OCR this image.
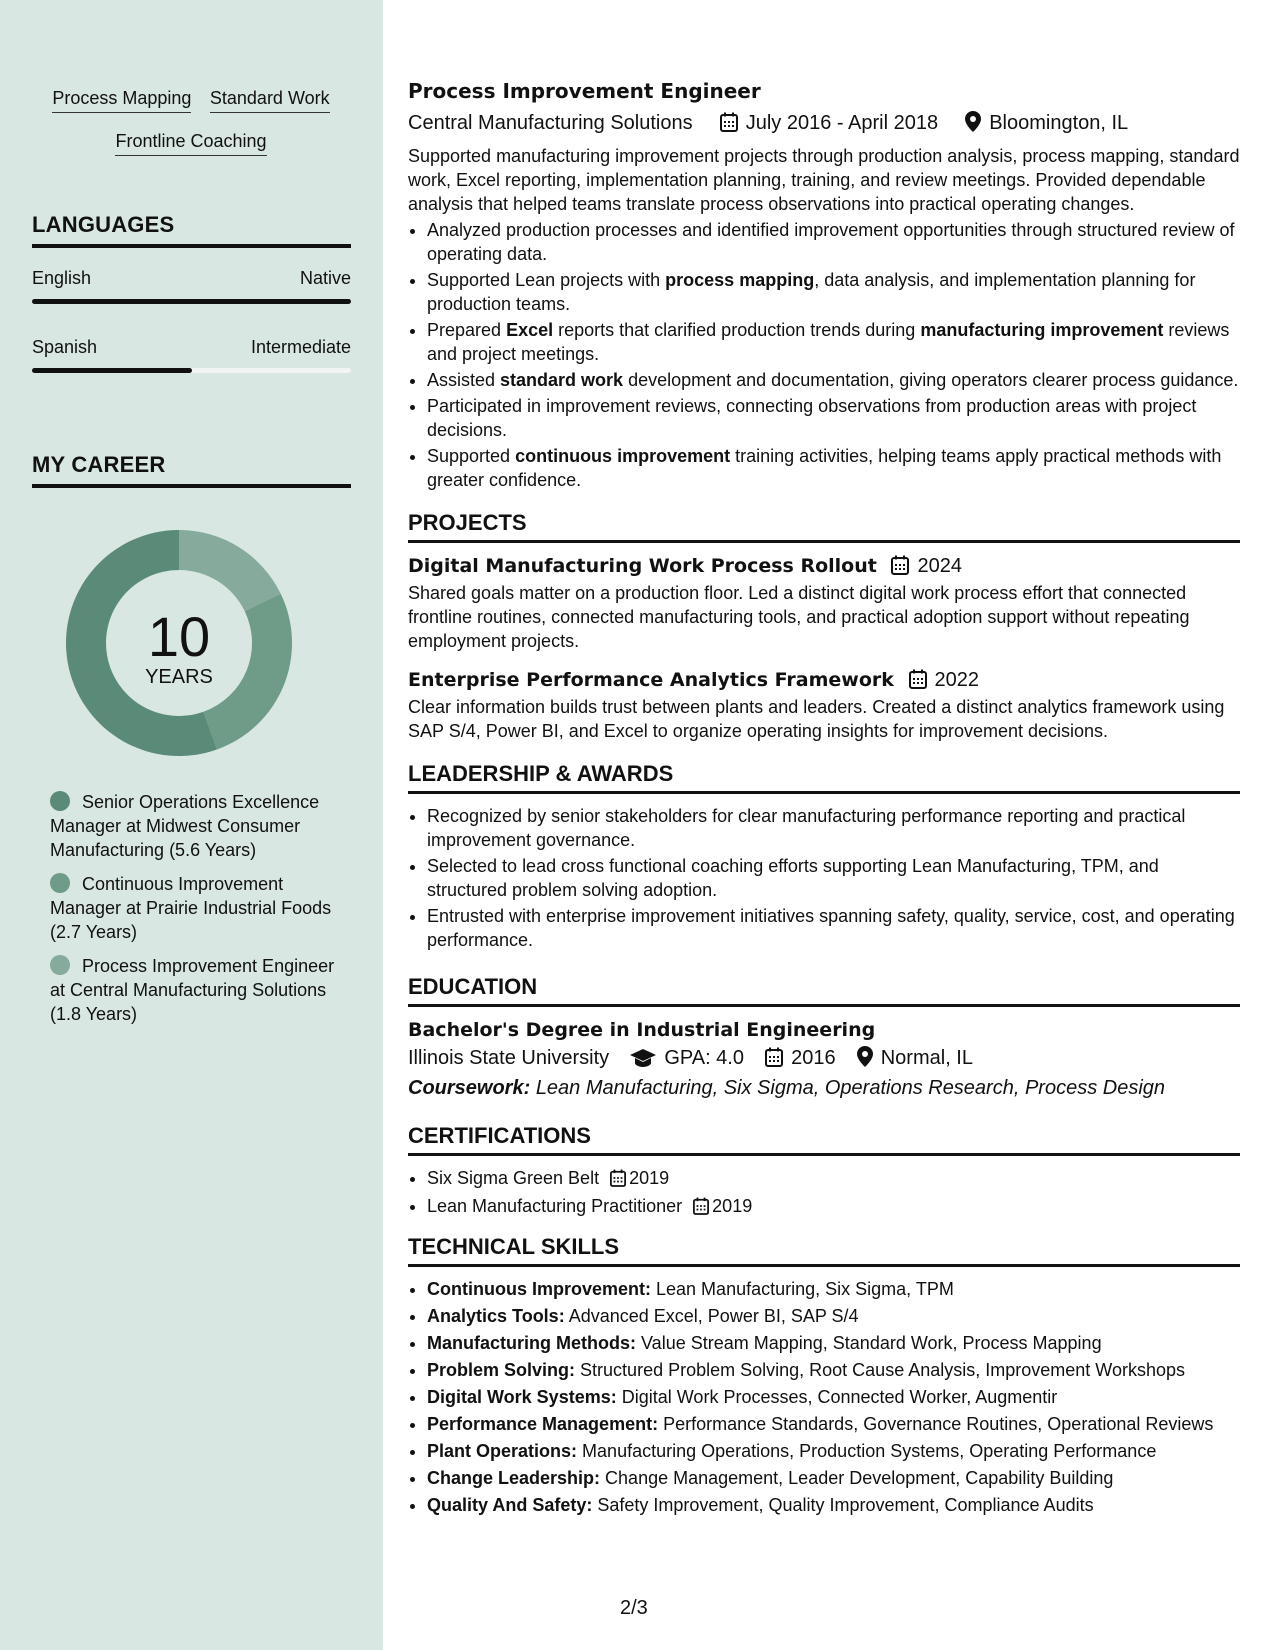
Process Mapping Standard Work
Frontline Coaching
LANGUAGES
English	Native
Spanish	Intermediate
MY CAREER
10
YEARS
Senior Operations Excellence Manager at Midwest Consumer Manufacturing (5.6 Years)
Continuous Improvement Manager at Prairie Industrial Foods (2.7 Years)
Process Improvement Engineer at Central Manufacturing Solutions (1.8 Years)
Process Improvement Engineer
Central Manufacturing Solutions	July 2016 - April 2018	Bloomington, IL

Supported manufacturing improvement projects through production analysis, process mapping, standard work, Excel reporting, implementation planning, training, and review meetings. Provided dependable analysis that helped teams translate process observations into practical operating changes.

• Analyzed production processes and identified improvement opportunities through structured review of operating data.
• Supported Lean projects with process mapping, data analysis, and implementation planning for production teams.
• Prepared Excel reports that clarified production trends during manufacturing improvement reviews and project meetings.
• Assisted standard work development and documentation, giving operators clearer process guidance.
• Participated in improvement reviews, connecting observations from production areas with project decisions.
• Supported continuous improvement training activities, helping teams apply practical methods with greater confidence.
PROJECTS
Digital Manufacturing Work Process Rollout 2024

Shared goals matter on a production floor. Led a distinct digital work process effort that connected frontline routines, connected manufacturing tools, and practical adoption support without repeating employment projects.

Enterprise Performance Analytics Framework 2022

Clear information builds trust between plants and leaders. Created a distinct analytics framework using SAP S/4, Power BI, and Excel to organize operating insights for improvement decisions.

LEADERSHIP & AWARDS
• Recognized by senior stakeholders for clear manufacturing performance reporting and practical improvement governance.
• Selected to lead cross functional coaching efforts supporting Lean Manufacturing, TPM, and structured problem solving adoption.
• Entrusted with enterprise improvement initiatives spanning safety, quality, service, cost, and operating performance.
EDUCATION
Bachelor's Degree in Industrial Engineering
Illinois State University	GPA: 4.0 2016 Normal, IL
Coursework: Lean Manufacturing, Six Sigma, Operations Research, Process Design
CERTIFICATIONS
• Six Sigma Green Belt 2019
• Lean Manufacturing Practitioner 2019
TECHNICAL SKILLS
• Continuous Improvement: Lean Manufacturing, Six Sigma, TPM
• Analytics Tools: Advanced Excel, Power BI, SAP S/4
• Manufacturing Methods: Value Stream Mapping, Standard Work, Process Mapping
• Problem Solving: Structured Problem Solving, Root Cause Analysis, Improvement Workshops
• Digital Work Systems: Digital Work Processes, Connected Worker, Augmentir
• Performance Management: Performance Standards, Governance Routines, Operational Reviews
• Plant Operations: Manufacturing Operations, Production Systems, Operating Performance
• Change Leadership: Change Management, Leader Development, Capability Building
• Quality And Safety: Safety Improvement, Quality Improvement, Compliance Audits
2/3
